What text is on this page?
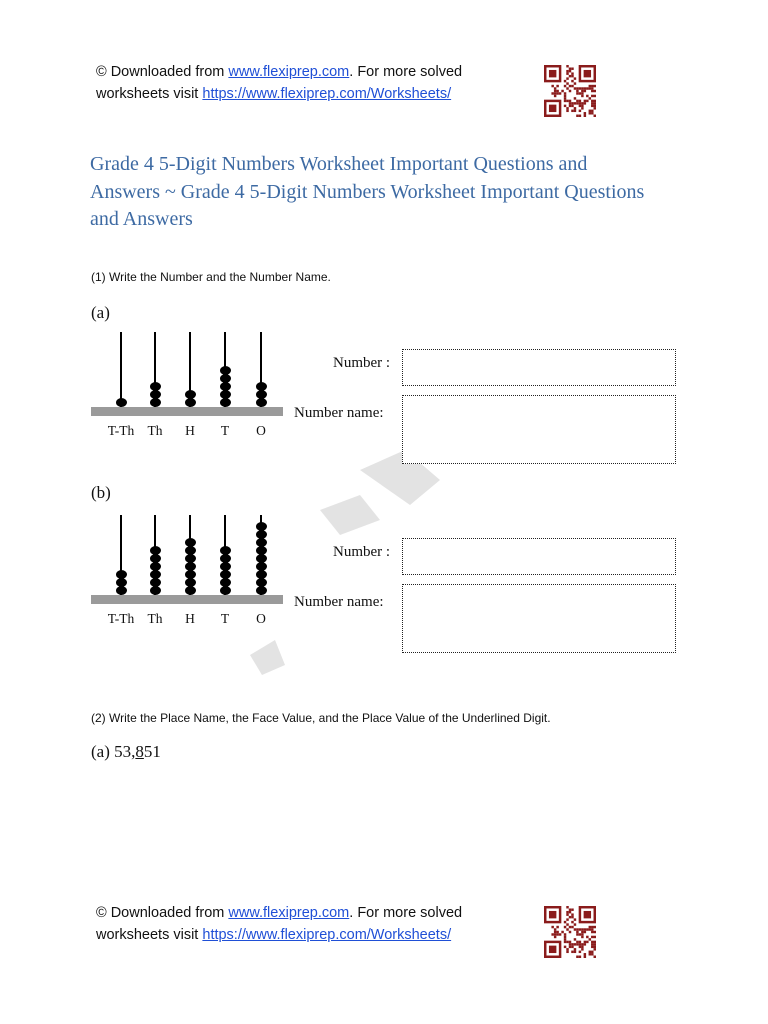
© Downloaded from www.flexiprep.com. For more solved
worksheets visit https://www.flexiprep.com/Worksheets/
Grade 4 5-Digit Numbers Worksheet Important Questions and Answers ~ Grade 4 5-Digit Numbers Worksheet Important Questions and Answers
(1) Write the Number and the Number Name.
(a)
T-Th Th	H	T	O
Number :
Number name:
(b)
T-Th Th	H	T	O
Number :
Number name:
(2) Write the Place Name, the Face Value, and the Place Value of the Underlined Digit.
(a) 53,851
© Downloaded from www.flexiprep.com. For more solved
worksheets visit https://www.flexiprep.com/Worksheets/
